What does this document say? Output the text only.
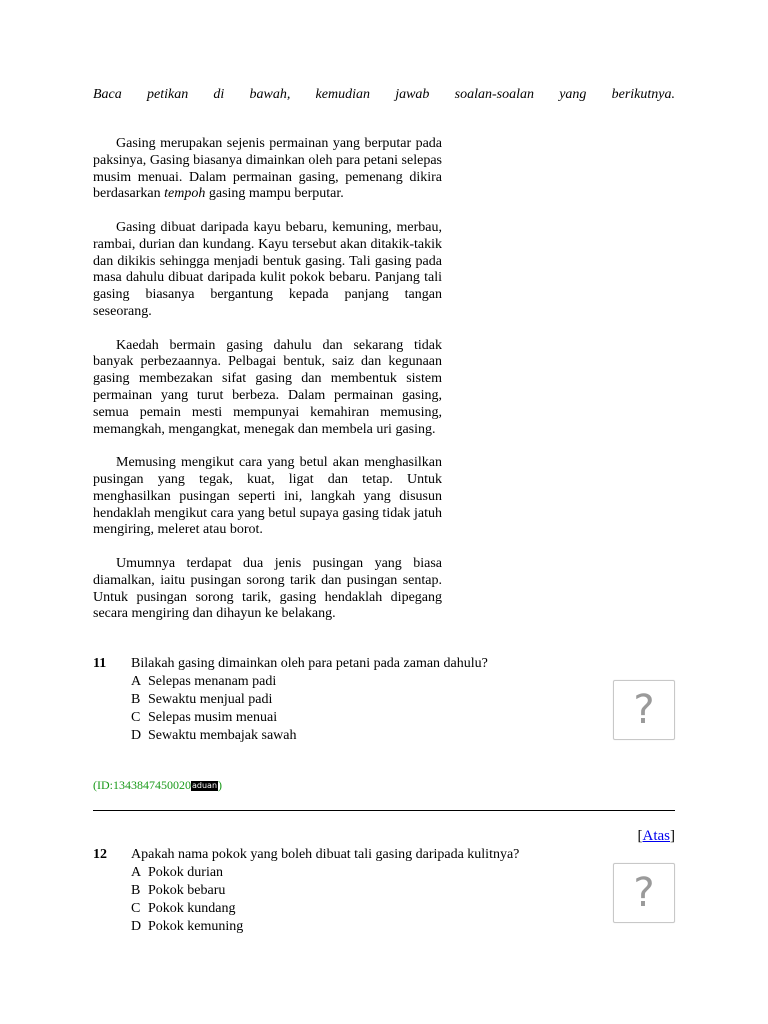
Baca petikan di bawah, kemudian jawab soalan-soalan yang berikutnya.

Gasing merupakan sejenis permainan yang berputar pada paksinya, Gasing biasanya dimainkan oleh para petani selepas musim menuai. Dalam permainan gasing, pemenang dikira berdasarkan tempoh gasing mampu berputar.

Gasing dibuat daripada kayu bebaru, kemuning, merbau, rambai, durian dan kundang. Kayu tersebut akan ditakik-takik dan dikikis sehingga menjadi bentuk gasing. Tali gasing pada masa dahulu dibuat daripada kulit pokok bebaru. Panjang tali gasing biasanya bergantung kepada panjang tangan seseorang.

Kaedah bermain gasing dahulu dan sekarang tidak banyak perbezaannya. Pelbagai bentuk, saiz dan kegunaan gasing membezakan sifat gasing dan membentuk sistem permainan yang turut berbeza. Dalam permainan gasing, semua pemain mesti mempunyai kemahiran memusing, memangkah, mengangkat, menegak dan membela uri gasing.

Memusing mengikut cara yang betul akan menghasilkan pusingan yang tegak, kuat, ligat dan tetap. Untuk menghasilkan pusingan seperti ini, langkah yang disusun hendaklah mengikut cara yang betul supaya gasing tidak jatuh mengiring, meleret atau borot.

Umumnya terdapat dua jenis pusingan yang biasa diamalkan, iaitu pusingan sorong tarik dan pusingan sentap. Untuk pusingan sorong tarik, gasing hendaklah dipegang secara mengiring dan dihayun ke belakang.

11	Bilakah gasing dimainkan oleh para petani pada zaman dahulu?
A Selepas menanam padi
B Sewaktu menjual padi
C Selepas musim menuai
D Sewaktu membajak sawah
?
(ID:1343847450020aduan)
[Atas]
12	Apakah nama pokok yang boleh dibuat tali gasing daripada kulitnya?
A Pokok durian
B Pokok bebaru
C Pokok kundang
D Pokok kemuning
?
